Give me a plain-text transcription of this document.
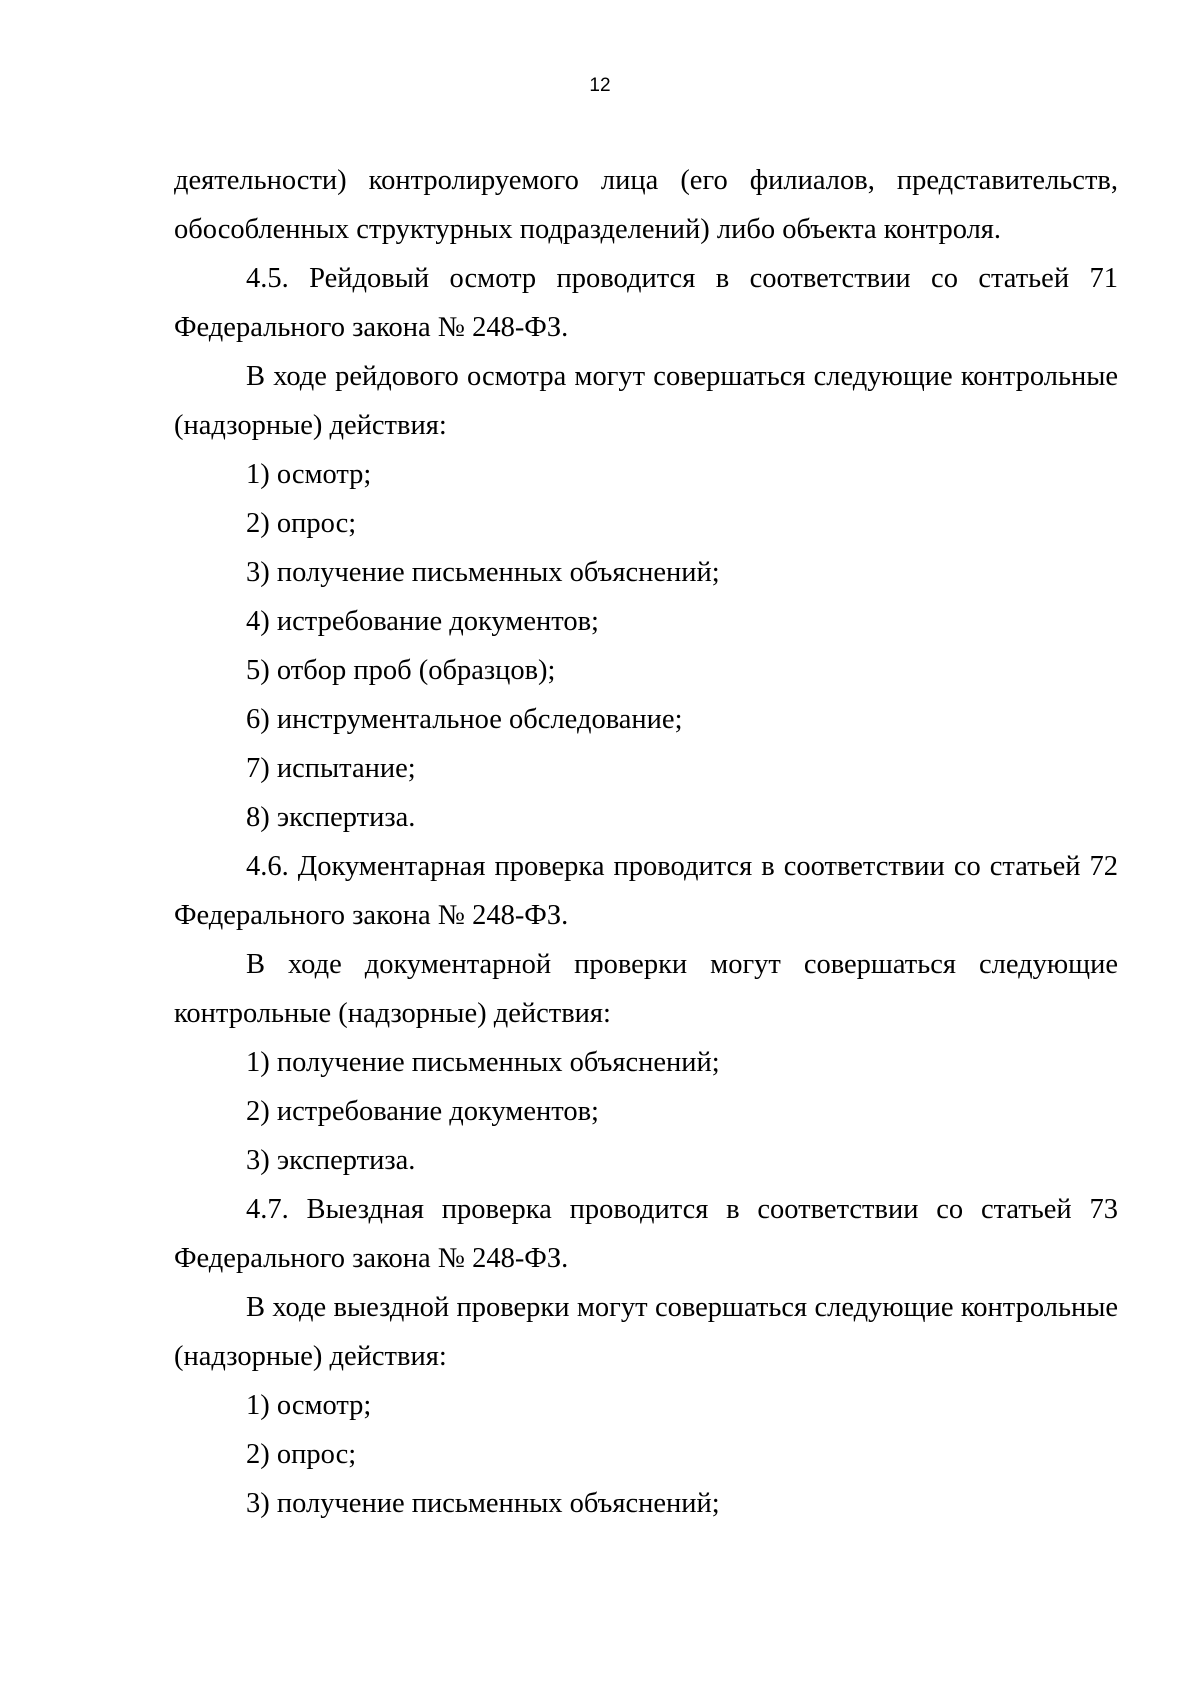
12

деятельности) контролируемого лица (его филиалов, представительств, обособленных структурных подразделений) либо объекта контроля.

4.5. Рейдовый осмотр проводится в соответствии со статьей 71 Федерального закона № 248-ФЗ.

В ходе рейдового осмотра могут совершаться следующие контрольные (надзорные) действия:

1) осмотр;

2) опрос;

3) получение письменных объяснений;

4) истребование документов;

5) отбор проб (образцов);

6) инструментальное обследование;

7) испытание;

8) экспертиза.

4.6. Документарная проверка проводится в соответствии со статьей 72 Федерального закона № 248-ФЗ.

В ходе документарной проверки могут совершаться следующие контрольные (надзорные) действия:

1) получение письменных объяснений;

2) истребование документов;

3) экспертиза.

4.7. Выездная проверка проводится в соответствии со статьей 73 Федерального закона № 248-ФЗ.

В ходе выездной проверки могут совершаться следующие контрольные (надзорные) действия:

1) осмотр;

2) опрос;

3) получение письменных объяснений;
